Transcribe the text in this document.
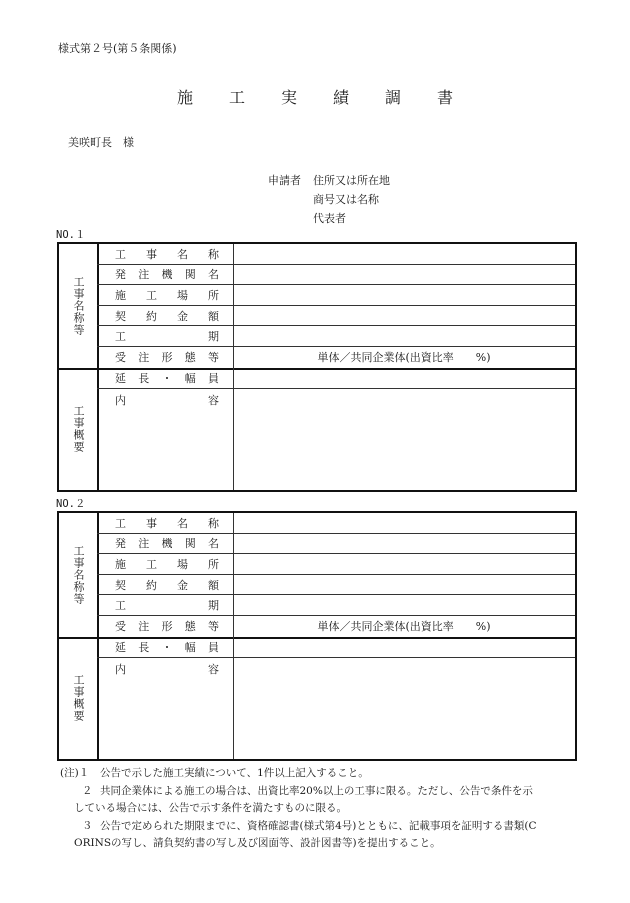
様式第２号(第５条関係)
施 工 実 績 調 書
美咲町長　様
申請者	住所又は所在地
商号又は名称
代表者
工事名称等
工 事 名 称
発 注 機 関 名
施 工 場 所
契 約 金 額
工	期
受 注 形 態 等	単体／共同企業体(出資比率　　%)
工事概要
延 長 ・ 幅 員
内	容
工事名称等
工 事 名 称
発 注 機 関 名
施 工 場 所
契 約 金 額
工	期
受 注 形 態 等	単体／共同企業体(出資比率　　%)
工事概要
延 長 ・ 幅 員
内	容
(注)１ 公告で示した施工実績について、1件以上記入すること。
２ 共同企業体による施工の場合は、出資比率20%以上の工事に限る。ただし、公告で条件を示
している場合には、公告で示す条件を満たすものに限る。
３ 公告で定められた期限までに、資格確認書(様式第4号)とともに、記載事項を証明する書類(C
ORINSの写し、請負契約書の写し及び図面等、設計図書等)を提出すること。
NO.１
NO.２
